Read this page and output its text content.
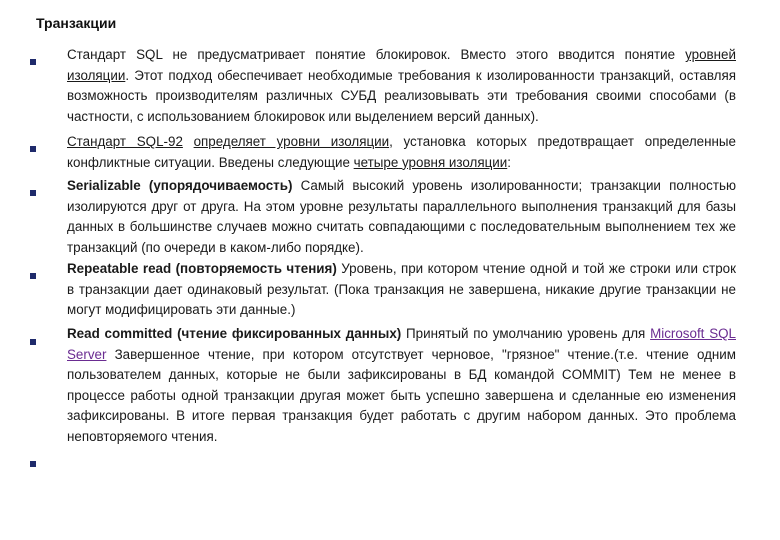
Транзакции
Стандарт SQL не предусматривает понятие блокировок. Вместо этого вводится понятие уровней изоляции. Этот подход обеспечивает необходимые требования к изолированности транзакций, оставляя возможность производителям различных СУБД реализовывать эти требования своими способами (в частности, с использованием блокировок или выделением версий данных).
Стандарт SQL-92 определяет уровни изоляции, установка которых предотвращает определенные конфликтные ситуации. Введены следующие четыре уровня изоляции:
Serializable (упорядочиваемость) Самый высокий уровень изолированности; транзакции полностью изолируются друг от друга. На этом уровне результаты параллельного выполнения транзакций для базы данных в большинстве случаев можно считать совпадающими с последовательным выполнением тех же транзакций (по очереди в каком-либо порядке).
Repeatable read (повторяемость чтения) Уровень, при котором чтение одной и той же строки или строк в транзакции дает одинаковый результат. (Пока транзакция не завершена, никакие другие транзакции не могут модифицировать эти данные.)
Read committed (чтение фиксированных данных) Принятый по умолчанию уровень для Microsoft SQL Server Завершенное чтение, при котором отсутствует черновое, "грязное" чтение.(т.е. чтение одним пользователем данных, которые не были зафиксированы в БД командой COMMIT) Тем не менее в процессе работы одной транзакции другая может быть успешно завершена и сделанные ею изменения зафиксированы. В итоге первая транзакция будет работать с другим набором данных. Это проблема неповторяемого чтения.
